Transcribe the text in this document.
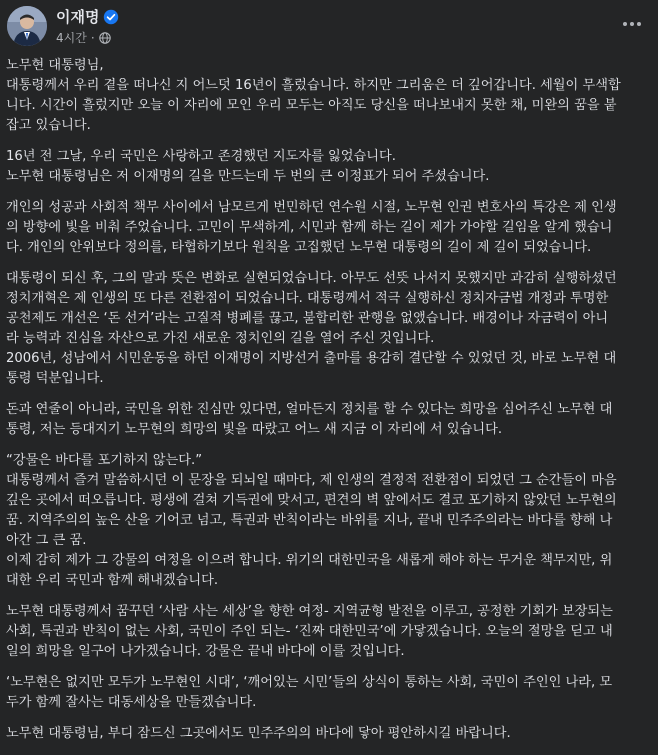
이재명
4시간 ·

노무현 대통령님,
대통령께서 우리 곁을 떠나신 지 어느덧 16년이 흘렀습니다. 하지만 그리움은 더 깊어갑니다. 세월이 무색합
니다. 시간이 흘렀지만 오늘 이 자리에 모인 우리 모두는 아직도 당신을 떠나보내지 못한 채, 미완의 꿈을 붙
잡고 있습니다.

16년 전 그날, 우리 국민은 사랑하고 존경했던 지도자를 잃었습니다.
노무현 대통령님은 저 이재명의 길을 만드는데 두 번의 큰 이정표가 되어 주셨습니다.

개인의 성공과 사회적 책무 사이에서 남모르게 번민하던 연수원 시절, 노무현 인권 변호사의 특강은 제 인생
의 방향에 빛을 비춰 주었습니다. 고민이 무색하게, 시민과 함께 하는 길이 제가 가야할 길임을 알게 했습니
다. 개인의 안위보다 정의를, 타협하기보다 원칙을 고집했던 노무현 대통령의 길이 제 길이 되었습니다.

대통령이 되신 후, 그의 말과 뜻은 변화로 실현되었습니다. 아무도 선뜻 나서지 못했지만 과감히 실행하셨던
정치개혁은 제 인생의 또 다른 전환점이 되었습니다. 대통령께서 적극 실행하신 정치자금법 개정과 투명한
공천제도 개선은 ‘돈 선거’라는 고질적 병폐를 끊고, 불합리한 관행을 없앴습니다. 배경이나 자금력이 아니
라 능력과 진심을 자산으로 가진 새로운 정치인의 길을 열어 주신 것입니다.
2006년, 성남에서 시민운동을 하던 이재명이 지방선거 출마를 용감히 결단할 수 있었던 것, 바로 노무현 대
통령 덕분입니다.

돈과 연줄이 아니라, 국민을 위한 진심만 있다면, 얼마든지 정치를 할 수 있다는 희망을 심어주신 노무현 대
통령, 저는 등대지기 노무현의 희망의 빛을 따랐고 어느 새 지금 이 자리에 서 있습니다.

“강물은 바다를 포기하지 않는다.”
대통령께서 즐겨 말씀하시던 이 문장을 되뇌일 때마다, 제 인생의 결정적 전환점이 되었던 그 순간들이 마음
깊은 곳에서 떠오릅니다. 평생에 걸쳐 기득권에 맞서고, 편견의 벽 앞에서도 결코 포기하지 않았던 노무현의
꿈. 지역주의의 높은 산을 기어코 넘고, 특권과 반칙이라는 바위를 지나, 끝내 민주주의라는 바다를 향해 나
아간 그 큰 꿈.
이제 감히 제가 그 강물의 여정을 이으려 합니다. 위기의 대한민국을 새롭게 해야 하는 무거운 책무지만, 위
대한 우리 국민과 함께 해내겠습니다.

노무현 대통령께서 꿈꾸던 ‘사람 사는 세상’을 향한 여정- 지역균형 발전을 이루고, 공정한 기회가 보장되는
사회, 특권과 반칙이 없는 사회, 국민이 주인 되는- ‘진짜 대한민국’에 가닿겠습니다. 오늘의 절망을 딛고 내
일의 희망을 일구어 나가겠습니다. 강물은 끝내 바다에 이를 것입니다.

‘노무현은 없지만 모두가 노무현인 시대’, ‘깨어있는 시민’들의 상식이 통하는 사회, 국민이 주인인 나라, 모
두가 함께 잘사는 대동세상을 만들겠습니다.

노무현 대통령님, 부디 잠드신 그곳에서도 민주주의의 바다에 닿아 평안하시길 바랍니다.
